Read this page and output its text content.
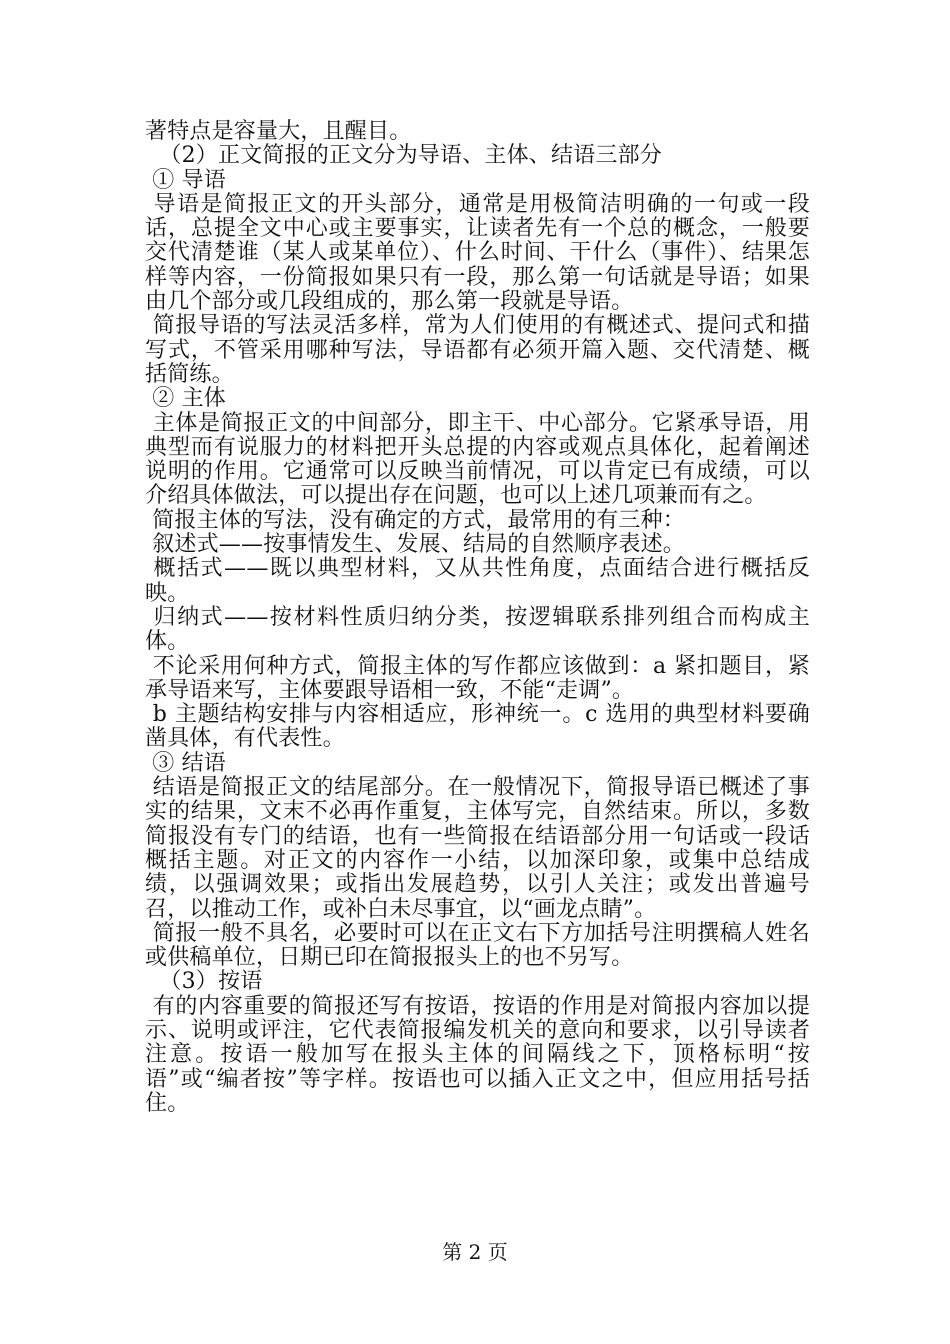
著特点是容量大，且醒目。

（2）正文简报的正文分为导语、主体、结语三部分

① 导语

导语是简报正文的开头部分，通常是用极简洁明确的一句或一段话，总提全文中心或主要事实，让读者先有一个总的概念，一般要交代清楚谁（某人或某单位）、什么时间、干什么（事件）、结果怎样等内容，一份简报如果只有一段，那么第一句话就是导语；如果由几个部分或几段组成的，那么第一段就是导语。

简报导语的写法灵活多样，常为人们使用的有概述式、提问式和描写式，不管采用哪种写法，导语都有必须开篇入题、交代清楚、概括简练。

② 主体

主体是简报正文的中间部分，即主干、中心部分。它紧承导语，用典型而有说服力的材料把开头总提的内容或观点具体化，起着阐述说明的作用。它通常可以反映当前情况，可以肯定已有成绩，可以介绍具体做法，可以提出存在问题，也可以上述几项兼而有之。

简报主体的写法，没有确定的方式，最常用的有三种：

叙述式——按事情发生、发展、结局的自然顺序表述。

概括式——既以典型材料，又从共性角度，点面结合进行概括反映。

归纳式——按材料性质归纳分类，按逻辑联系排列组合而构成主体。

不论采用何种方式，简报主体的写作都应该做到：a 紧扣题目，紧承导语来写，主体要跟导语相一致，不能“走调”。

b 主题结构安排与内容相适应，形神统一。c 选用的典型材料要确凿具体，有代表性。

③ 结语

结语是简报正文的结尾部分。在一般情况下，简报导语已概述了事实的结果，文末不必再作重复，主体写完，自然结束。所以，多数简报没有专门的结语，也有一些简报在结语部分用一句话或一段话概括主题。对正文的内容作一小结，以加深印象，或集中总结成绩，以强调效果；或指出发展趋势，以引人关注；或发出普遍号召，以推动工作，或补白未尽事宜，以“画龙点睛”。

简报一般不具名，必要时可以在正文右下方加括号注明撰稿人姓名或供稿单位，日期已印在简报报头上的也不另写。

（3）按语

有的内容重要的简报还写有按语，按语的作用是对简报内容加以提示、说明或评注，它代表简报编发机关的意向和要求，以引导读者注意。按语一般加写在报头主体的间隔线之下，顶格标明“按语”或“编者按”等字样。按语也可以插入正文之中，但应用括号括住。

第 2 页
